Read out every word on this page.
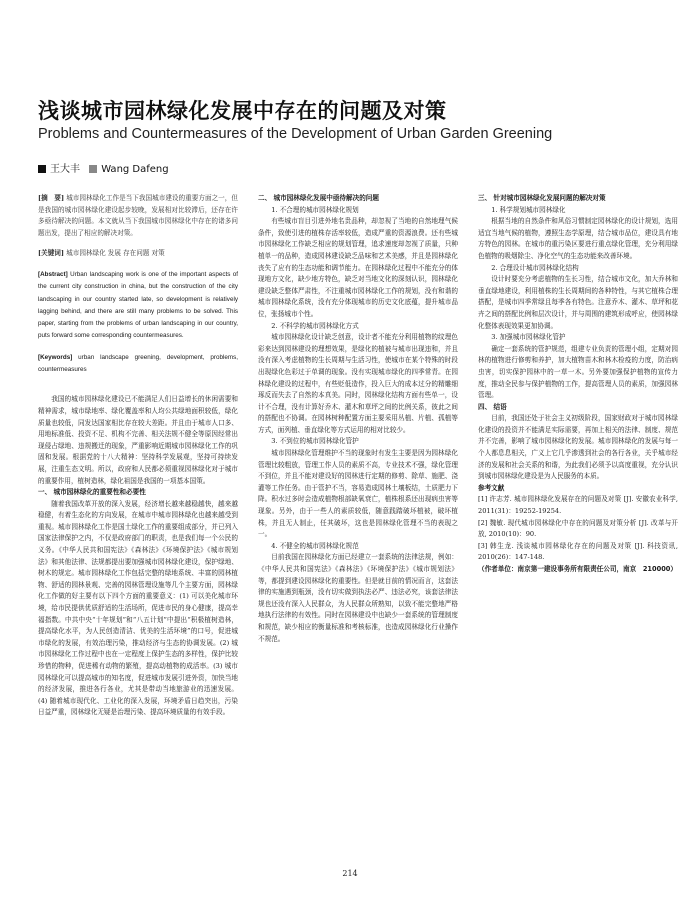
浅谈城市园林绿化发展中存在的问题及对策
Problems and Countermeasures of the Development of Urban Garden Greening
王大丰 Wang Dafeng

[摘　要] 城市园林绿化工作是当下我国城市建设的重要方面之一，但是我国的城市园林绿化建设起步较晚，发展相对比较滞后，还存在许多亟待解决的问题。本文就从当下我国城市园林绿化中存在的诸多问题出发，提出了相应的解决对策。

[关键词] 城市园林绿化 发展 存在问题 对策

[Abstract] Urban landscaping work is one of the important aspects of the current city construction in china, but the construction of the city landscaping in our country started late, so development is relatively lagging behind, and there are still many problems to be solved. This paper, starting from the problems of urban landscaping in our country, puts forward some corresponding countermeasures.

[Keywords] urban landscape greening, development, problems, countermeasures

我国的城市园林绿化建设已不能满足人们日益增长的休闲需要和精神需求，城市绿地率、绿化覆盖率和人均公共绿地面积较低，绿化质量也较低，同发达国家相比存在较大差距。并且由于城市人口多、用地标准低、投资不足、机构不完善、相关法规不健全等原因经常出现侵占绿地、违规搬迁的现象，严重影响近期城市园林绿化工作的巩固和发展。根据党的十八大精神：坚持科学发展观，坚持可持续发展，注重生态文明。所以，政府和人民都必须重视园林绿化对于城市的重要作用，植树造林，绿化祖国是我国的一项基本国策。

一、 城市园林绿化的重要性和必要性

随着我国改革开放的深入发展，经济增长越来越稳越快，越来越稳健，有着生态化的方向发展，在城市中城市园林绿化也越来越受到重视。城市园林绿化工作是国土绿化工作的重要组成部分，并已列入国家法律保护之内，不仅是政府部门的职责，也是我们每一个公民的义务。《中华人民共和国宪法》《森林法》《环境保护法》《城市规划法》和其他法律、法规都提出要加强城市园林绿化建设，保护绿地、树木的规定。城市园林绿化工作包括完整的绿地系统、丰富的园林植物、舒适的园林景观、完善的园林管理设施等几个主要方面，园林绿化工作做的好主要有以下四个方面的重要意义：(1) 可以美化城市环境，给市民提供优质舒适的生活场所，促进市民的身心健康，提高幸福指数。中共中央“十年规划”和“八五计划”中提出“积极植树造林，提高绿化水平，为人民创造清洁、优美的生活环境”的口号，促进城市绿化的发展，有效治理污染，推动经济与生态的协调发展。(2) 城市园林绿化工作过程中也在一定程度上保护生态的多样性，保护比较珍惜的物种，促进稀有动物的繁殖，提高动植物的成活率。(3) 城市园林绿化可以提高城市的知名度，促进城市发展引进外资，加快当地的经济发展，推进各行各业，尤其是带动当地旅游业的迅速发展。(4) 随着城市现代化、工业化的深入发展，环境矛盾日趋突出，污染日益严重，园林绿化无疑是治理污染、提高环境质量的有效手段。

二、 城市园林绿化发展中亟待解决的问题

1. 不合理的城市园林绿化规划

有些城市盲目引进外地名贵品种，却忽视了当地的自然地理气候条件，致使引进的植株存活率较低，造成严重的资源浪费。还有些城市园林绿化工作缺乏相应的规划管理，追求速度却忽视了质量，只种植单一的品种，造成园林建设缺乏品味和艺术美感，并且是园林绿化丧失了应有的生态功能和调节能力。在园林绿化过程中不能充分的体现地方文化，缺少地方特色，缺乏对当地文化的深刻认识，园林绿化建设缺乏整体严肃性，不注重城市园林绿化工作的规划，没有和谐的城市园林绿化系统，没有充分体现城市的历史文化底蕴，提升城市品位，张扬城市个性。

2. 不科学的城市园林绿化方式

城市园林绿化设计缺乏创意，设计者不能充分利用植物的纹理色彩来达到园林建设的理想效果，是绿化的植被与城市出现违和，并且没有深入考虑植物的生长周期与生活习性，使城市在某个特殊的时段出现绿化色彩过于单调的现象。没有实现城市绿化的四季常青。在园林绿化建设的过程中，有些贬低造作，投入巨大的成本过分的精雕细琢反而失去了自然的本真美。同时，园林绿化结构方面有些单一，设计不合理，没有计算好乔木、灌木和草坪之间的比例关系，彼此之间的搭配也不协调。在园林树种配置方面主要采用丛植、片植、孤植等方式，面列植、垂直绿化等方式运用的相对比较少。

3. 不到位的城市园林绿化管护

城市园林绿化管理维护不当的现象时有发生主要是因为园林绿化管理比较粗放，管理工作人员的素质不高，专业技术不强，绿化管理不到位，并且不能对建设好的园林进行定期的修剪、除草、施肥、浇灌等工作任务。由于管护不当，容易造成园林土壤板结，土质肥力下降。积水过多时会造成植物根部缺氧衰亡，植株根系还出现病虫害等现象。另外，由于一些人的素质较低，随意践踏破坏植被，破坏植株，并且无人制止，任其破坏，这也是园林绿化管理不当的表现之一。

4. 不健全的城市园林绿化规范

目前我国在园林绿化方面已经建立一套系统的法律法规，例如：《中华人民共和国宪法》《森林法》《环境保护法》《城市规划法》等，都提到建设园林绿化的重要性。但是就目前的情况而言，这套法律的实施遇到瓶颈，没有切实做到执法必严、违法必究，该套法律法规也还没有深入人民群众，为人民群众所熟知，以致不能完整地严格地执行法律的有效性。同时在园林建设中也缺少一套系统的管理制度和规范，缺少相应的衡量标准和考核标准，也造成园林绿化行业操作不规范。

三、 针对城市园林绿化发展问题的解决对策

1. 科学规划城市园林绿化

根据当地的自然条件和风俗习惯制定园林绿化的设计规划，选用适宜当地气候的植物，遵照生态学原理，结合城市品位，建设具有地方特色的园林。在城市的重污染区要进行重点绿化管理，充分利用绿色植物的吸烟除尘、净化空气的生态功能来改善环境。

2. 合理设计城市园林绿化结构

设计时要充分考虑植物的生长习性，结合城市文化，加大乔林和垂直绿地建设，利用植株的生长周期间的各种特性，与其它植株合理搭配，是城市四季常绿且每季各有特色。注意乔木、灌木、草坪和花卉之间的搭配比例和层次设计，并与周围的建筑形成呼应，使园林绿化整体表现效果更加协调。

3. 加强城市园林绿化管护

确定一套系统的管护规范，组建专业负责的管理小组，定期对园林的植物进行修剪和养护，加大植物苗木和林木检疫的力度，防治病虫害，切实保护园林中的一草一木。另外要加强保护植物的宣传力度，推动全民参与保护植物的工作，提高管理人员的素质，加强园林管理。

四、 结语

目前，我国还处于社会主义初级阶段，国家财政对于城市园林绿化建设的投资并不能满足实际需要，再加上相关的法律、制度、规范并不完善，影响了城市园林绿化的发展。城市园林绿化的发展与每一个人都息息相关，广义上它几乎渗透到社会的各行各业，关乎城市经济的发展和社会关系的和谐，为此我们必须予以高度重视，充分认识到城市园林绿化建设是为人民服务的本质。

参考文献

[1] 许志芳. 城市园林绿化发展存在的问题及对策 [J]. 安徽农业科学, 2011(31)：19252-19254.

[2] 魏敏. 现代城市园林绿化中存在的问题及对策分析 [J]. 改革与开放, 2010(10)：90.

[3] 韩生龙. 浅谈城市园林绿化存在的问题及对策 [J]. 科技资讯, 2010(26)：147-148.

（作者单位：南京第一建设事务所有限责任公司，南京　210000）

214
